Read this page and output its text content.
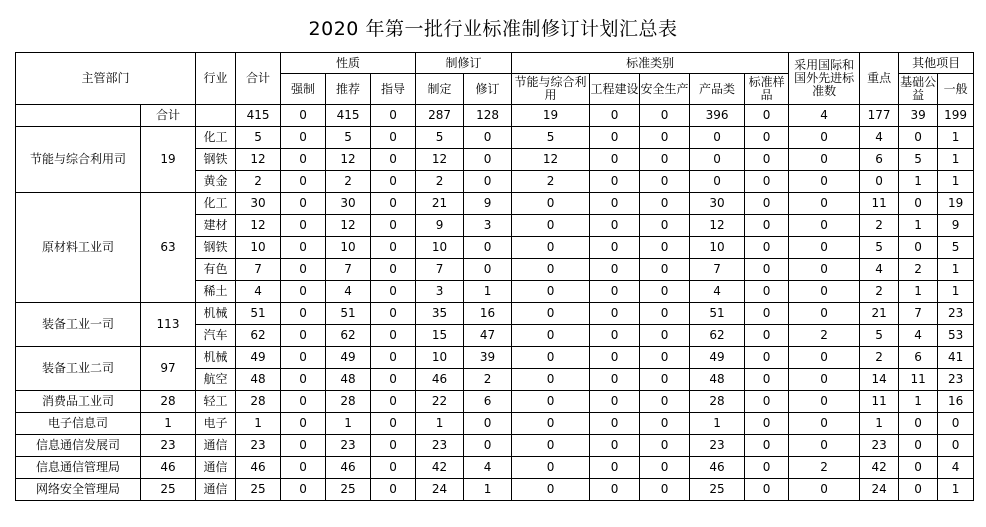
2020 年第一批行业标准制修订计划汇总表
主管部门		行业	合计	性质			制修订		标准类别					采用国际和国外先进标准数	重点	其他项目	
				强制	推荐	指导	制定	修订	节能与综合利用	工程建设	安全生产	产品类	标准样品			基础公益	一般
	合计		415	0	415	0	287	128	19	0	0	396	0	4	177	39	199
节能与综合利用司	19	化工	5	0	5	0	5	0	5	0	0	0	0	0	4	0	1
		钢铁	12	0	12	0	12	0	12	0	0	0	0	0	6	5	1
		黄金	2	0	2	0	2	0	2	0	0	0	0	0	0	1	1
原材料工业司	63	化工	30	0	30	0	21	9	0	0	0	30	0	0	11	0	19
		建材	12	0	12	0	9	3	0	0	0	12	0	0	2	1	9
		钢铁	10	0	10	0	10	0	0	0	0	10	0	0	5	0	5
		有色	7	0	7	0	7	0	0	0	0	7	0	0	4	2	1
		稀土	4	0	4	0	3	1	0	0	0	4	0	0	2	1	1
装备工业一司	113	机械	51	0	51	0	35	16	0	0	0	51	0	0	21	7	23
		汽车	62	0	62	0	15	47	0	0	0	62	0	2	5	4	53
装备工业二司	97	机械	49	0	49	0	10	39	0	0	0	49	0	0	2	6	41
		航空	48	0	48	0	46	2	0	0	0	48	0	0	14	11	23
消费品工业司	28	轻工	28	0	28	0	22	6	0	0	0	28	0	0	11	1	16
电子信息司	1	电子	1	0	1	0	1	0	0	0	0	1	0	0	1	0	0
信息通信发展司	23	通信	23	0	23	0	23	0	0	0	0	23	0	0	23	0	0
信息通信管理局	46	通信	46	0	46	0	42	4	0	0	0	46	0	2	42	0	4
网络安全管理局	25	通信	25	0	25	0	24	1	0	0	0	25	0	0	24	0	1
